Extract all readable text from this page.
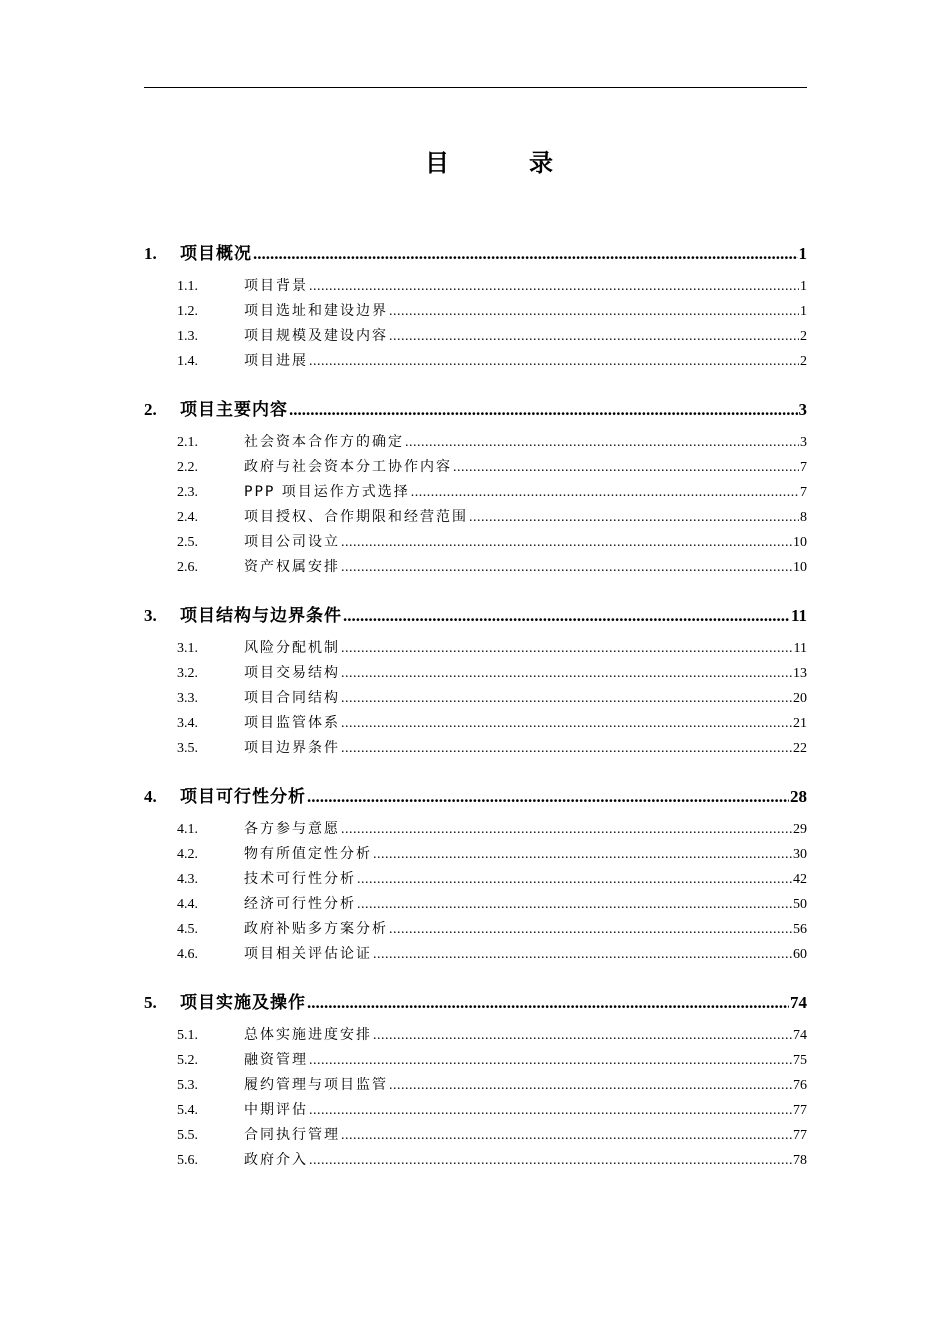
目　录
1.	项目概况 .....	1
1.1.	项目背景 .....	1
1.2.	项目选址和建设边界 .....	1
1.3.	项目规模及建设内容 .....	2
1.4.	项目进展 .....	2
2.	项目主要内容 .....	3
2.1.	社会资本合作方的确定 .....	3
2.2.	政府与社会资本分工协作内容 .....	7
2.3.	PPP 项目运作方式选择 .....	7
2.4.	项目授权、合作期限和经营范围 .....	8
2.5.	项目公司设立 .....	10
2.6.	资产权属安排 .....	10
3.	项目结构与边界条件 .....	11
3.1.	风险分配机制 .....	11
3.2.	项目交易结构 .....	13
3.3.	项目合同结构 .....	20
3.4.	项目监管体系 .....	21
3.5.	项目边界条件 .....	22
4.	项目可行性分析 .....	28
4.1.	各方参与意愿 .....	29
4.2.	物有所值定性分析 .....	30
4.3.	技术可行性分析 .....	42
4.4.	经济可行性分析 .....	50
4.5.	政府补贴多方案分析 .....	56
4.6.	项目相关评估论证 .....	60
5.	项目实施及操作 .....	74
5.1.	总体实施进度安排 .....	74
5.2.	融资管理 .....	75
5.3.	履约管理与项目监管 .....	76
5.4.	中期评估 .....	77
5.5.	合同执行管理 .....	77
5.6.	政府介入 .....	78
